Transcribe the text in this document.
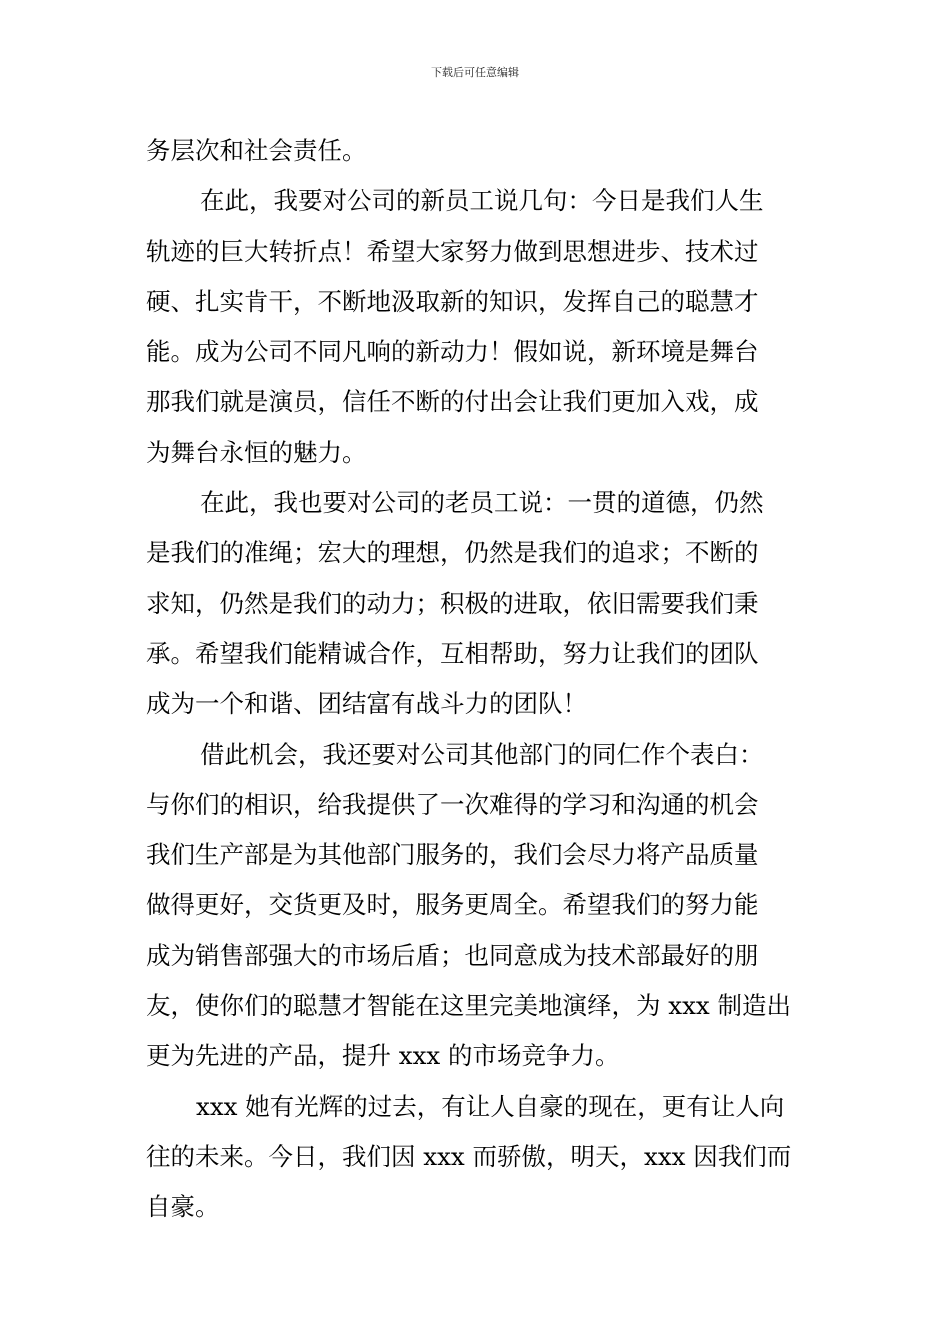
下载后可任意编辑
务层次和社会责任。
在此，我要对公司的新员工说几句：今日是我们人生
轨迹的巨大转折点！希望大家努力做到思想进步、技术过
硬、扎实肯干，不断地汲取新的知识，发挥自己的聪慧才
能。成为公司不同凡响的新动力！假如说，新环境是舞台
那我们就是演员，信任不断的付出会让我们更加入戏，成
为舞台永恒的魅力。
在此，我也要对公司的老员工说：一贯的道德，仍然
是我们的准绳；宏大的理想，仍然是我们的追求；不断的
求知，仍然是我们的动力；积极的进取，依旧需要我们秉
承。希望我们能精诚合作，互相帮助，努力让我们的团队
成为一个和谐、团结富有战斗力的团队！
借此机会，我还要对公司其他部门的同仁作个表白：
与你们的相识，给我提供了一次难得的学习和沟通的机会
我们生产部是为其他部门服务的，我们会尽力将产品质量
做得更好，交货更及时，服务更周全。希望我们的努力能
成为销售部强大的市场后盾；也同意成为技术部最好的朋
友，使你们的聪慧才智能在这里完美地演绎，为 xxx 制造出
更为先进的产品，提升 xxx 的市场竞争力。
xxx 她有光辉的过去，有让人自豪的现在，更有让人向
往的未来。今日，我们因 xxx 而骄傲，明天，xxx 因我们而
自豪。
